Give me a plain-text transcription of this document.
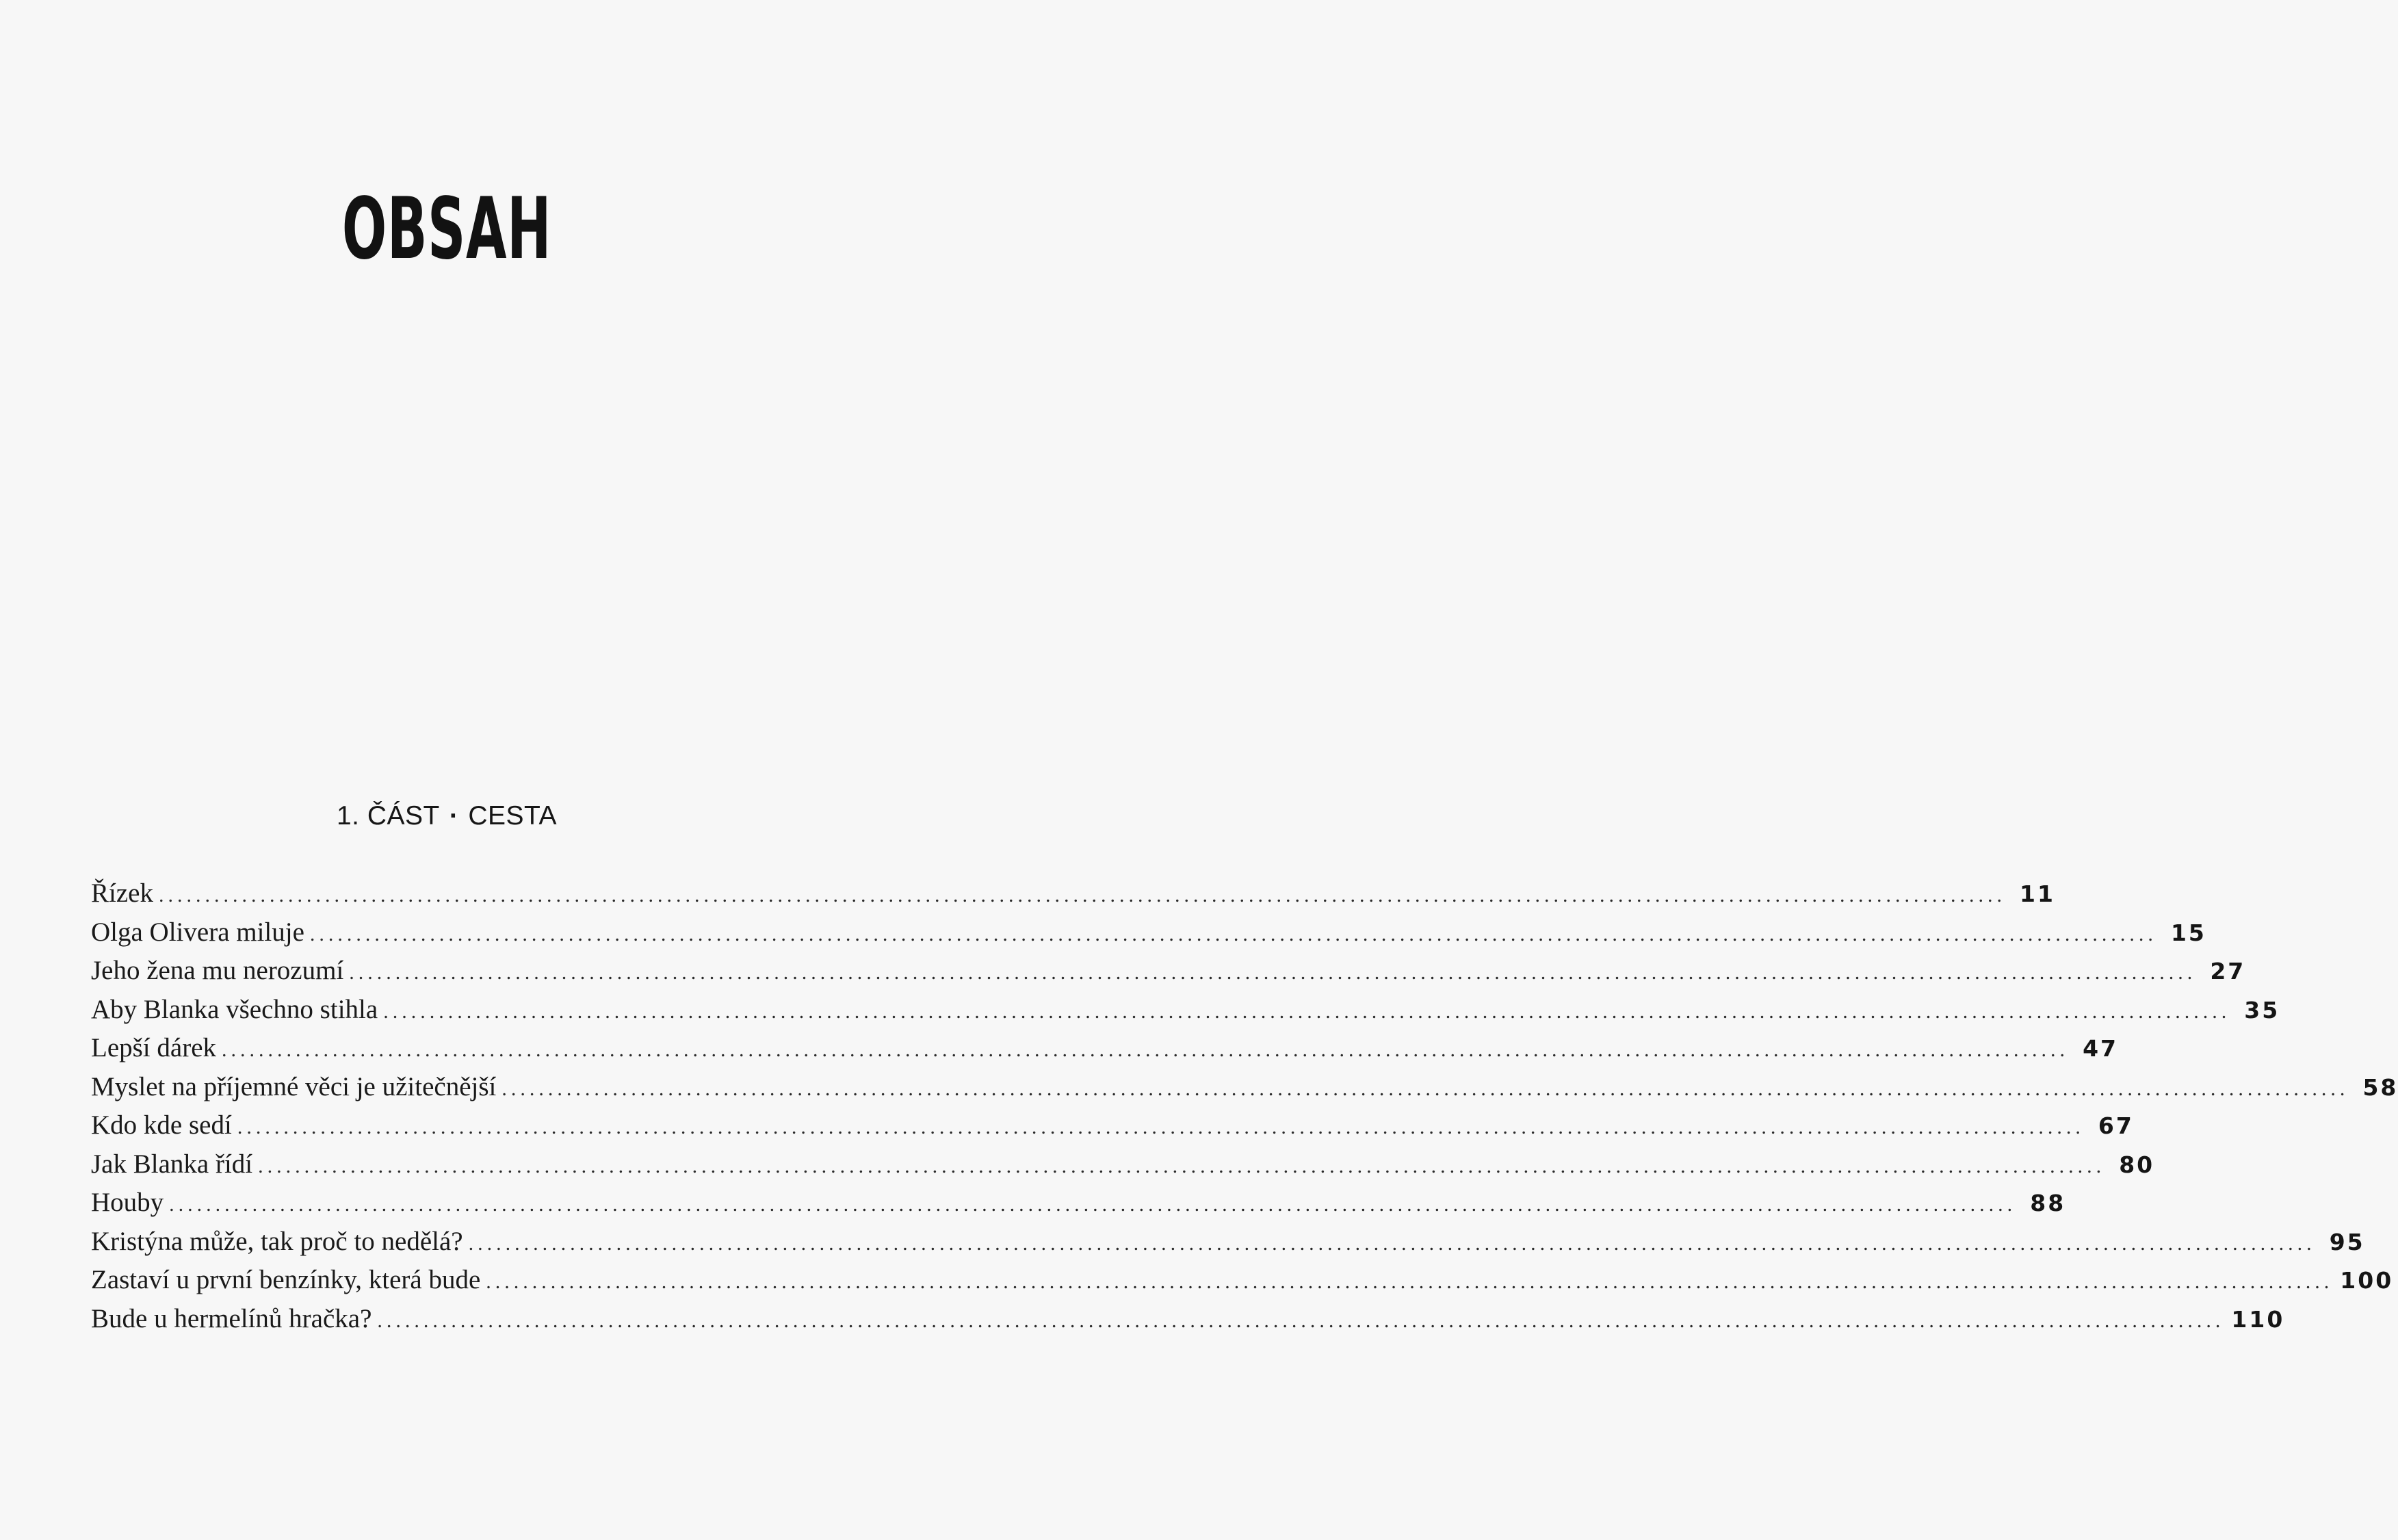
OBSAH
1. ČÁST · CESTA
Řízek ........................................................................................................................................................................................................ 11
Olga Olivera miluje ........................................................................................................................................................................................................ 15
Jeho žena mu nerozumí ........................................................................................................................................................................................................ 27
Aby Blanka všechno stihla ........................................................................................................................................................................................................ 35
Lepší dárek ........................................................................................................................................................................................................ 47
Myslet na příjemné věci je užitečnější ........................................................................................................................................................................................................ 58
Kdo kde sedí ........................................................................................................................................................................................................ 67
Jak Blanka řídí ........................................................................................................................................................................................................ 80
Houby ........................................................................................................................................................................................................ 88
Kristýna může, tak proč to nedělá? ........................................................................................................................................................................................................ 95
Zastaví u první benzínky, která bude ........................................................................................................................................................................................................ 100
Bude u hermelínů hračka? ........................................................................................................................................................................................................ 110
